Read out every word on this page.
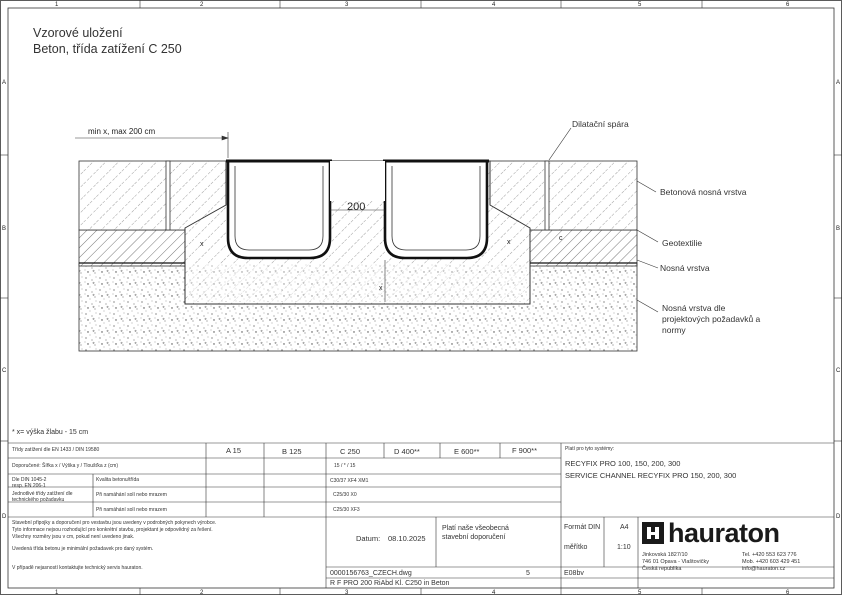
1	2	3	4	5	6
1	2	3	4	5	6
A
B
C
D
A
B
C
D
x
min x, max 200 cm
200
x	x
c
Vzorové uložení
Beton, třída zatížení C 250
Dilatační spára
Betonová nosná vrstva
Geotextilie
Nosná vrstva
Nosná vrstva dle
projektových požadavků a
normy
* x= výška žlabu - 15 cm
Třídy zatížení dle EN 1433 / DIN 19580	A 15	B 125	C 250	D 400**	E 600**	F 900**
Doporučené: Šířka x / Výška y / Tloušťka z (cm)	15 / * / 15
Dle DIN 1045-2
resp. EN 206-1
Kvalita betonu/třída	C30/37 XF4 XM1
Jednotlivé třídy zatížení dle technického požadavku
Při namáhání solí nebo mrazem	C25/30 X0
Při namáhání solí nebo mrazem	C25/30 XF3
Platí pro tyto systémy:
RECYFIX PRO 100, 150, 200, 300
SERVICE CHANNEL RECYFIX PRO 150, 200, 300
Stavební připojky a doporučení pro vestavbu jsou uvedeny v podrobných pokynech výrobce.
Tyto informace nejsou rozhodující pro konkrétní stavbu, projektant je odpovědný za řešení.
Všechny rozměry jsou v cm, pokud není uvedeno jinak.
Uvedená třída betonu je minimální požadavek pro daný systém.
V případě nejasností kontaktujte technický servis hauraton.
Datum: 08.10.2025
Platí naše všeobecná
stavební doporučení
Formát DIN	A4
měřítko	1:10
0000156763_CZECH.dwg	5	E08bv
R F PRO 200 RiAbd Kl. C250 in Beton
hauraton
Jinkovská 1827/10
746 01 Opava - Vlaštovičky
Česká republika
Tel. +420 553 623 776
Mob. +420 603 429 451
info@hauraton.cz
